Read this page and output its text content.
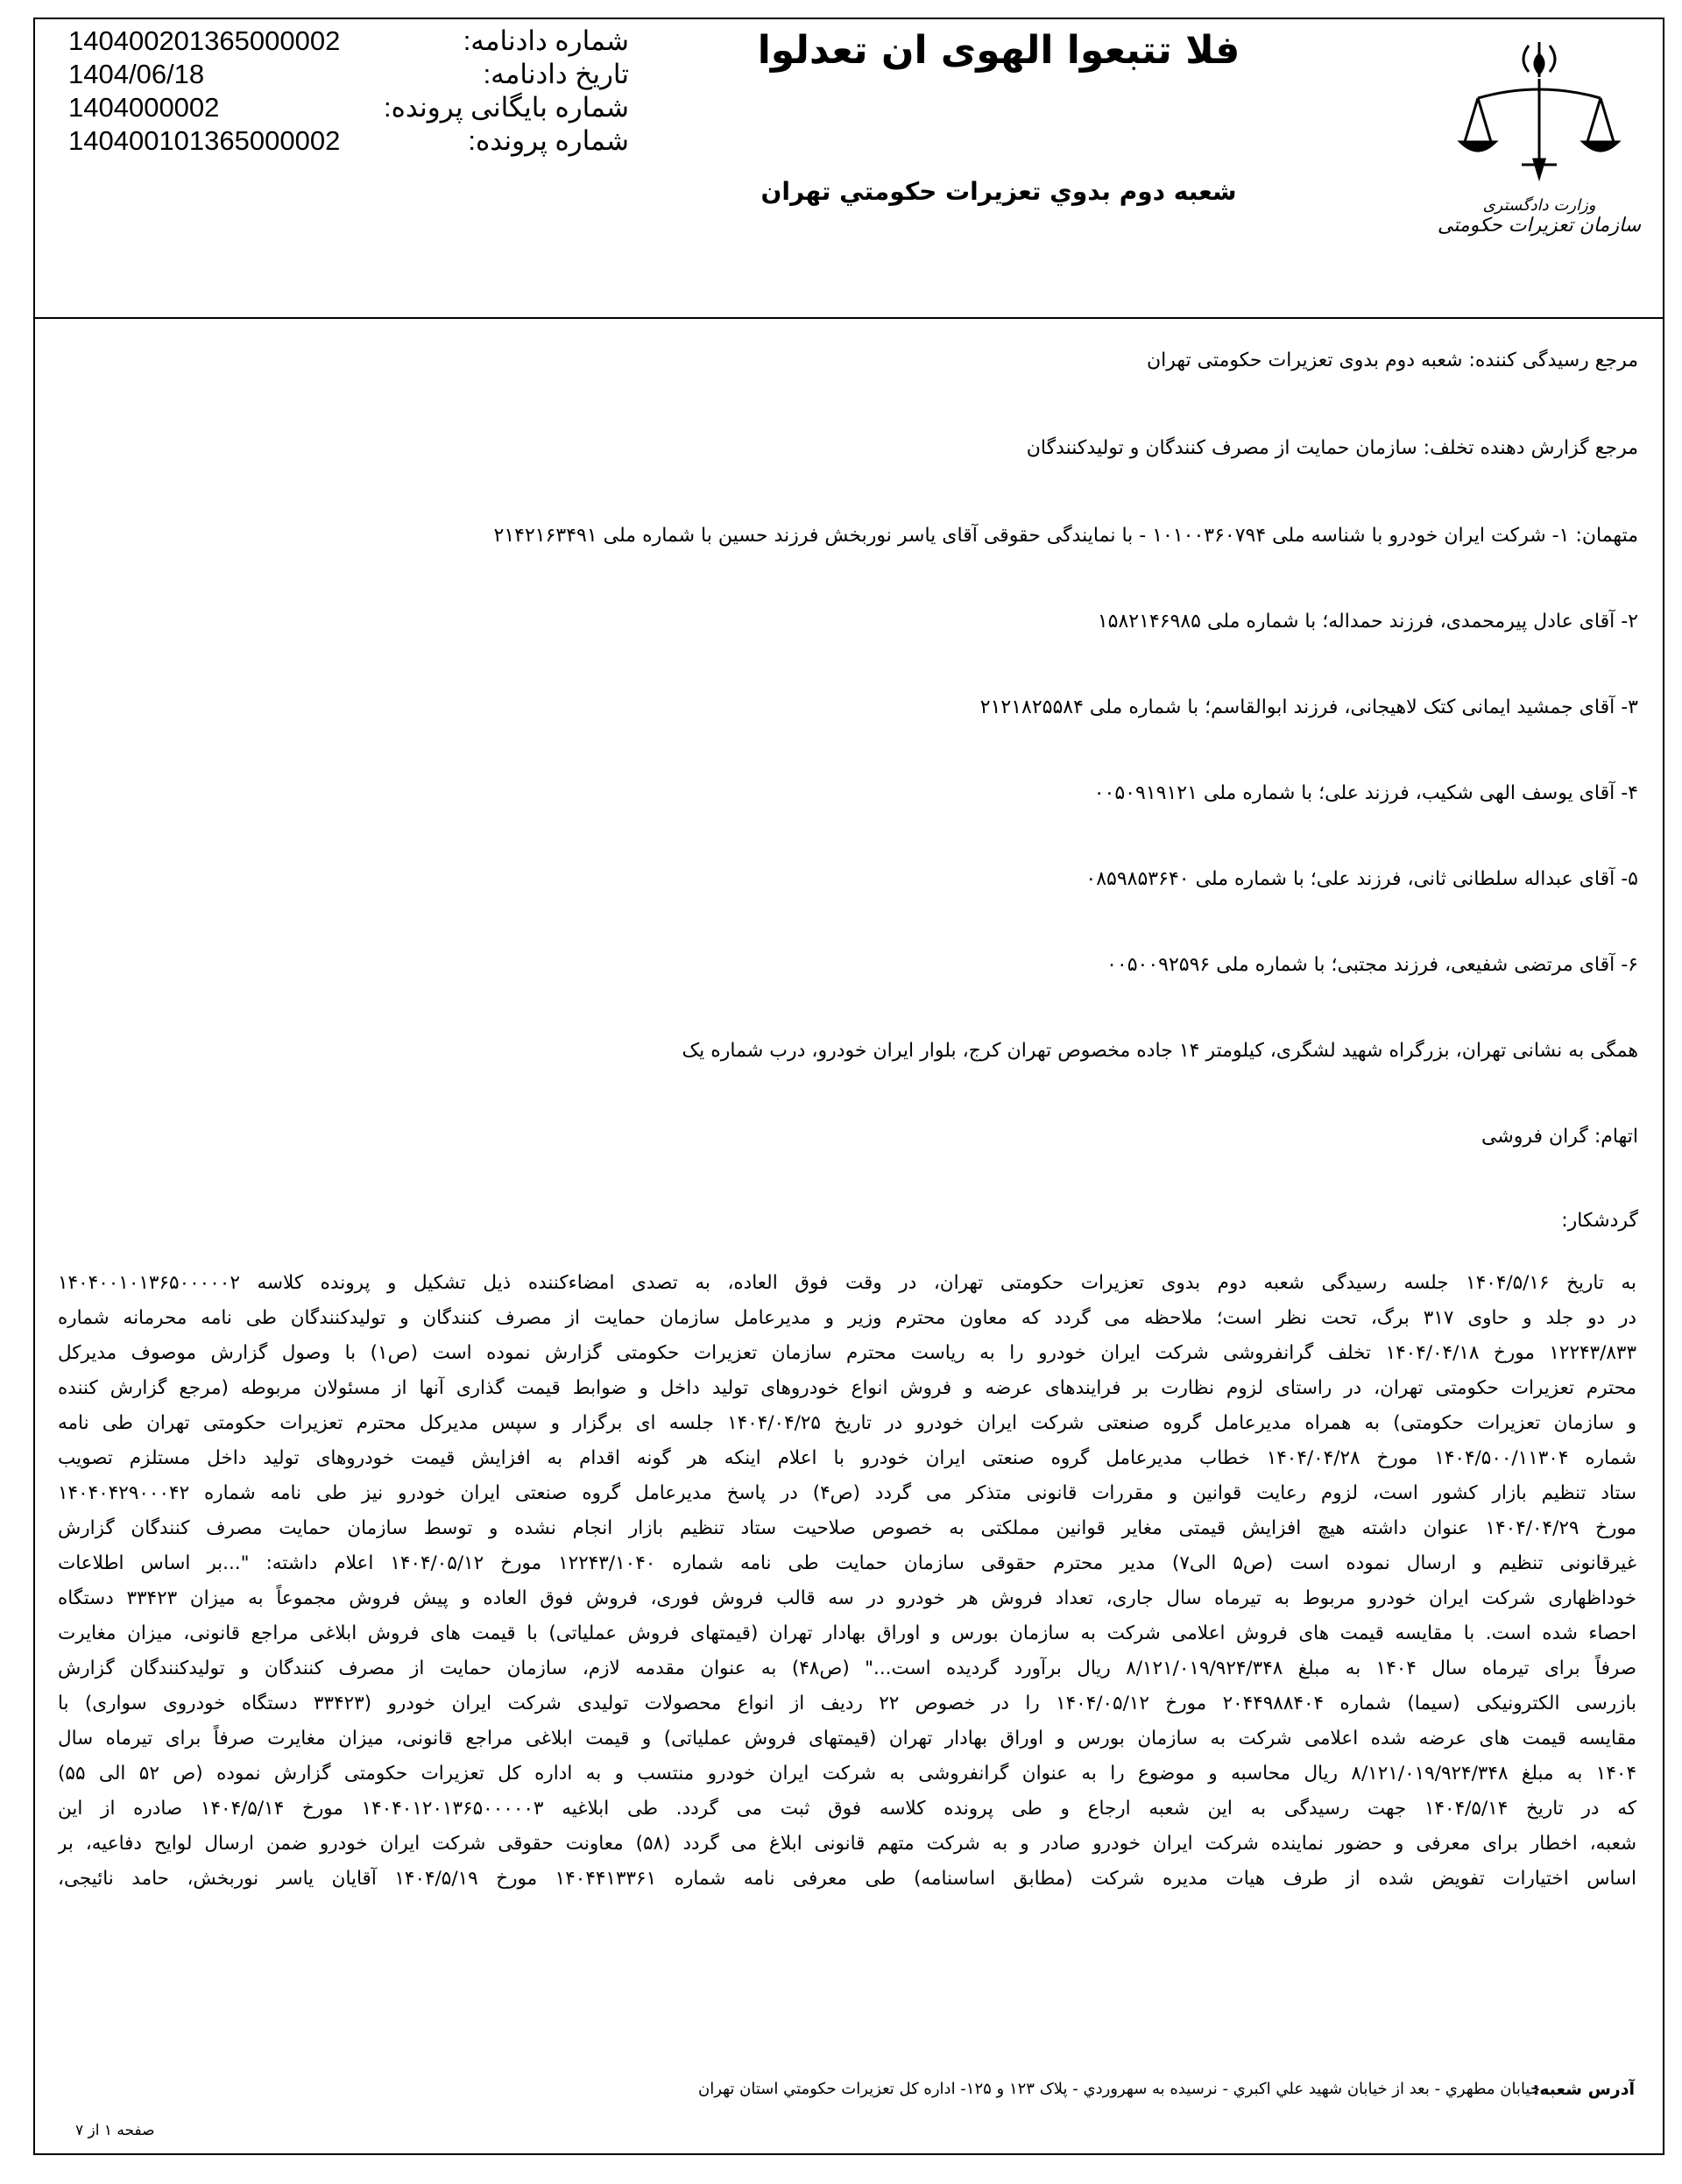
شماره دادنامه:
140400201365000002
تاریخ دادنامه:
1404/06/18
شماره بایگانی پرونده:
1404000002
شماره پرونده:
140400101365000002
فلا تتبعوا الهوی ان تعدلوا
شعبه دوم بدوي تعزيرات حکومتي تهران	وزارت دادگستری
سازمان تعزیرات حکومتی
مرجع رسیدگی کننده: شعبه دوم بدوی تعزیرات حکومتی تهران
مرجع گزارش دهنده تخلف: سازمان حمایت از مصرف کنندگان و تولیدکنندگان
متهمان: ۱- شرکت ایران خودرو با شناسه ملی ۱۰۱۰۰۳۶۰۷۹۴ - با نمایندگی حقوقی آقای یاسر نوربخش فرزند حسین با شماره ملی ۲۱۴۲۱۶۳۴۹۱
۲- آقای عادل پیرمحمدی، فرزند حمداله؛ با شماره ملی ۱۵۸۲۱۴۶۹۸۵
۳- آقای جمشید ایمانی کتک لاهیجانی، فرزند ابوالقاسم؛ با شماره ملی ۲۱۲۱۸۲۵۵۸۴
۴- آقای یوسف الهی شکیب، فرزند علی؛ با شماره ملی ۰۰۵۰۹۱۹۱۲۱
۵- آقای عبداله سلطانی ثانی، فرزند علی؛ با شماره ملی ۰۸۵۹۸۵۳۶۴۰
۶- آقای مرتضی شفیعی، فرزند مجتبی؛ با شماره ملی ۰۰۵۰۰۹۲۵۹۶
همگی به نشانی تهران، بزرگراه شهید لشگری، کیلومتر ۱۴ جاده مخصوص تهران کرج، بلوار ایران خودرو، درب شماره یک
اتهام: گران فروشی
گردشکار:
به تاریخ ۱۴۰۴/۵/۱۶ جلسه رسیدگی شعبه دوم بدوی تعزیرات حکومتی تهران، در وقت فوق العاده، به تصدی امضاءکننده ذیل تشکیل و پرونده کلاسه ۱۴۰۴۰۰۱۰۱۳۶۵۰۰۰۰۰۲
در دو جلد و حاوی ۳۱۷ برگ، تحت نظر است؛ ملاحظه می گردد که معاون محترم وزیر و مدیرعامل سازمان حمایت از مصرف کنندگان و تولیدکنندگان طی نامه محرمانه شماره
۱۲۲۴۳/۸۳۳ مورخ ۱۴۰۴/۰۴/۱۸ تخلف گرانفروشی شرکت ایران خودرو را به ریاست محترم سازمان تعزیرات حکومتی گزارش نموده است (ص۱) با وصول گزارش موصوف مدیرکل
محترم تعزیرات حکومتی تهران، در راستای لزوم نظارت بر فرایندهای عرضه و فروش انواع خودروهای تولید داخل و ضوابط قیمت گذاری آنها از مسئولان مربوطه (مرجع گزارش کننده
و سازمان تعزیرات حکومتی) به همراه مدیرعامل گروه صنعتی شرکت ایران خودرو در تاریخ ۱۴۰۴/۰۴/۲۵ جلسه ای برگزار و سپس مدیرکل محترم تعزیرات حکومتی تهران طی نامه
شماره ۱۴۰۴/۵۰۰/۱۱۳۰۴ مورخ ۱۴۰۴/۰۴/۲۸ خطاب مدیرعامل گروه صنعتی ایران خودرو با اعلام اینکه هر گونه اقدام به افزایش قیمت خودروهای تولید داخل مستلزم تصویب
ستاد تنظیم بازار کشور است، لزوم رعایت قوانین و مقررات قانونی متذکر می گردد (ص۴) در پاسخ مدیرعامل گروه صنعتی ایران خودرو نیز طی نامه شماره ۱۴۰۴۰۴۲۹۰۰۰۴۲
مورخ ۱۴۰۴/۰۴/۲۹ عنوان داشته هیچ افزایش قیمتی مغایر قوانین مملکتی به خصوص صلاحیت ستاد تنظیم بازار انجام نشده و توسط سازمان حمایت مصرف کنندگان گزارش
غیرقانونی تنظیم و ارسال نموده است (ص۵ الی۷) مدیر محترم حقوقی سازمان حمایت طی نامه شماره ۱۲۲۴۳/۱۰۴۰ مورخ ۱۴۰۴/۰۵/۱۲ اعلام داشته: "...بر اساس اطلاعات
خوداظهاری شرکت ایران خودرو مربوط به تیرماه سال جاری، تعداد فروش هر خودرو در سه قالب فروش فوری، فروش فوق العاده و پیش فروش مجموعاً به میزان ۳۳۴۲۳ دستگاه
احصاء شده است. با مقایسه قیمت های فروش اعلامی شرکت به سازمان بورس و اوراق بهادار تهران (قیمتهای فروش عملیاتی) با قیمت های فروش ابلاغی مراجع قانونی، میزان مغایرت
صرفاً برای تیرماه سال ۱۴۰۴ به مبلغ ۸/۱۲۱/۰۱۹/۹۲۴/۳۴۸ ریال برآورد گردیده است..." (ص۴۸) به عنوان مقدمه لازم، سازمان حمایت از مصرف کنندگان و تولیدکنندگان گزارش
بازرسی الکترونیکی (سیما) شماره ۲۰۴۴۹۸۸۴۰۴ مورخ ۱۴۰۴/۰۵/۱۲ را در خصوص ۲۲ ردیف از انواع محصولات تولیدی شرکت ایران خودرو (۳۳۴۲۳ دستگاه خودروی سواری) با
مقایسه قیمت های عرضه شده اعلامی شرکت به سازمان بورس و اوراق بهادار تهران (قیمتهای فروش عملیاتی) و قیمت ابلاغی مراجع قانونی، میزان مغایرت صرفاً برای تیرماه سال
۱۴۰۴ به مبلغ ۸/۱۲۱/۰۱۹/۹۲۴/۳۴۸ ریال محاسبه و موضوع را به عنوان گرانفروشی به شرکت ایران خودرو منتسب و به اداره کل تعزیرات حکومتی گزارش نموده (ص ۵۲ الی ۵۵)
که در تاریخ ۱۴۰۴/۵/۱۴ جهت رسیدگی به این شعبه ارجاع و طی پرونده کلاسه فوق ثبت می گردد. طی ابلاغیه ۱۴۰۴۰۱۲۰۱۳۶۵۰۰۰۰۰۳ مورخ ۱۴۰۴/۵/۱۴ صادره از این
شعبه، اخطار برای معرفی و حضور نماینده شرکت ایران خودرو صادر و به شرکت متهم قانونی ابلاغ می گردد (۵۸) معاونت حقوقی شرکت ایران خودرو ضمن ارسال لوایح دفاعیه، بر
اساس اختیارات تفویض شده از طرف هیات مدیره شرکت (مطابق اساسنامه) طی معرفی نامه شماره ۱۴۰۴۴۱۳۳۶۱ مورخ ۱۴۰۴/۵/۱۹ آقایان یاسر نوربخش، حامد نائیجی،
آدرس شعبه:
خيابان مطهري - بعد از خيابان شهيد علي اکبري - نرسيده به سهروردي - پلاک ۱۲۳ و ۱۲۵- اداره کل تعزيرات حکومتي استان تهران
صفحه ۱ از ۷
